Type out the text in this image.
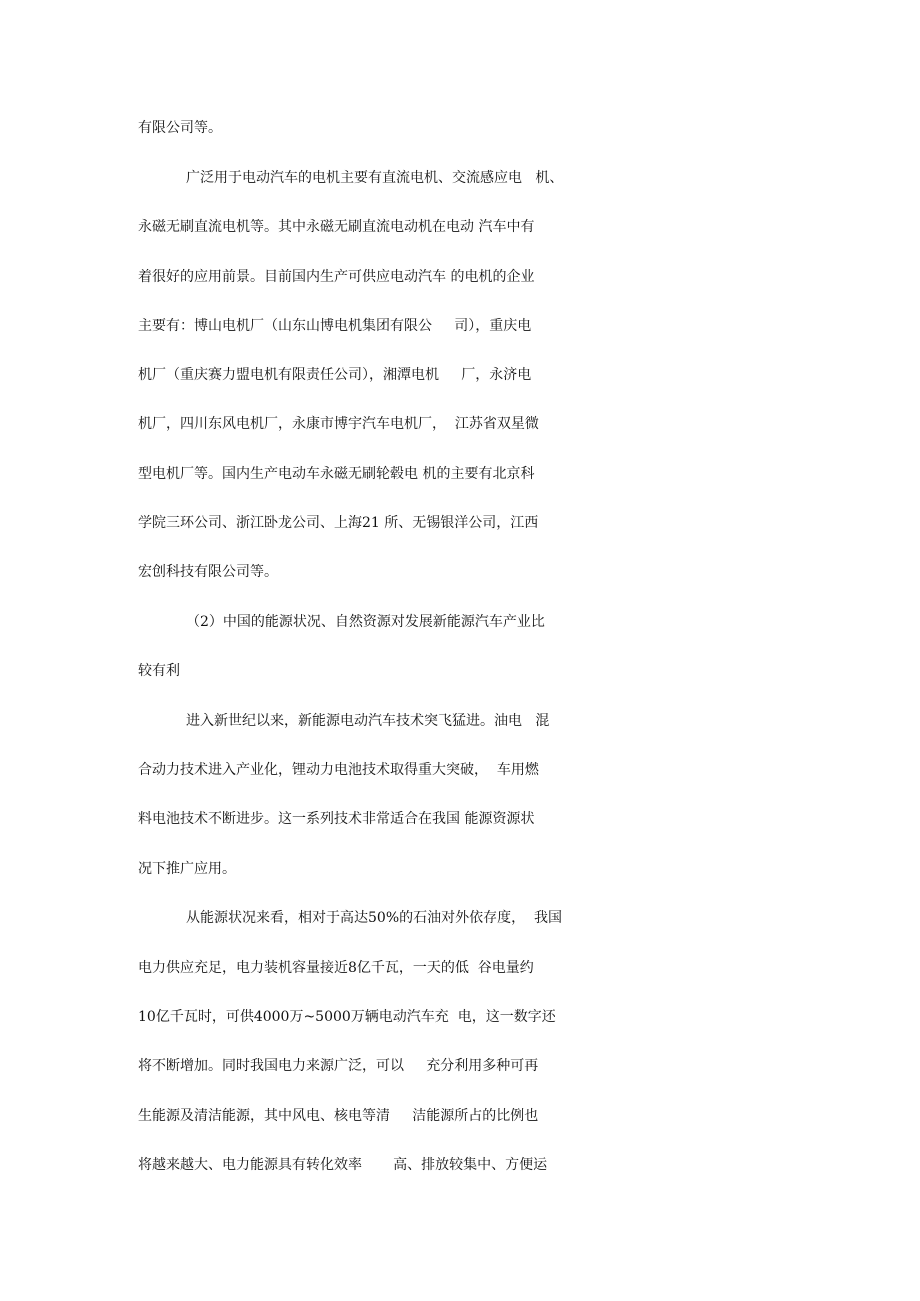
有限公司等。
广泛用于电动汽车的电机主要有直流电机、交流感应电   机、
永磁无刷直流电机等。其中永磁无刷直流电动机在电动 汽车中有
着很好的应用前景。目前国内生产可供应电动汽车 的电机的企业
主要有：博山电机厂（山东山博电机集团有限公     司），重庆电
机厂（重庆赛力盟电机有限责任公司），湘潭电机     厂，永济电
机厂，四川东风电机厂，永康市博宇汽车电机厂，  江苏省双星微
型电机厂等。国内生产电动车永磁无刷轮毂电 机的主要有北京科
学院三环公司、浙江卧龙公司、上海21 所、无锡银洋公司，江西
宏创科技有限公司等。
（2）中国的能源状况、自然资源对发展新能源汽车产业比
较有利
进入新世纪以来，新能源电动汽车技术突飞猛进。油电   混
合动力技术进入产业化，锂动力电池技术取得重大突破，  车用燃
料电池技术不断进步。这一系列技术非常适合在我国 能源资源状
况下推广应用。
从能源状况来看，相对于高达50%的石油对外依存度，  我国
电力供应充足，电力装机容量接近8亿千瓦，一天的低  谷电量约
10亿千瓦时，可供4000万~5000万辆电动汽车充  电，这一数字还
将不断增加。同时我国电力来源广泛，可以     充分利用多种可再
生能源及清洁能源，其中风电、核电等清     洁能源所占的比例也
将越来越大、电力能源具有转化效率       高、排放较集中、方便运
